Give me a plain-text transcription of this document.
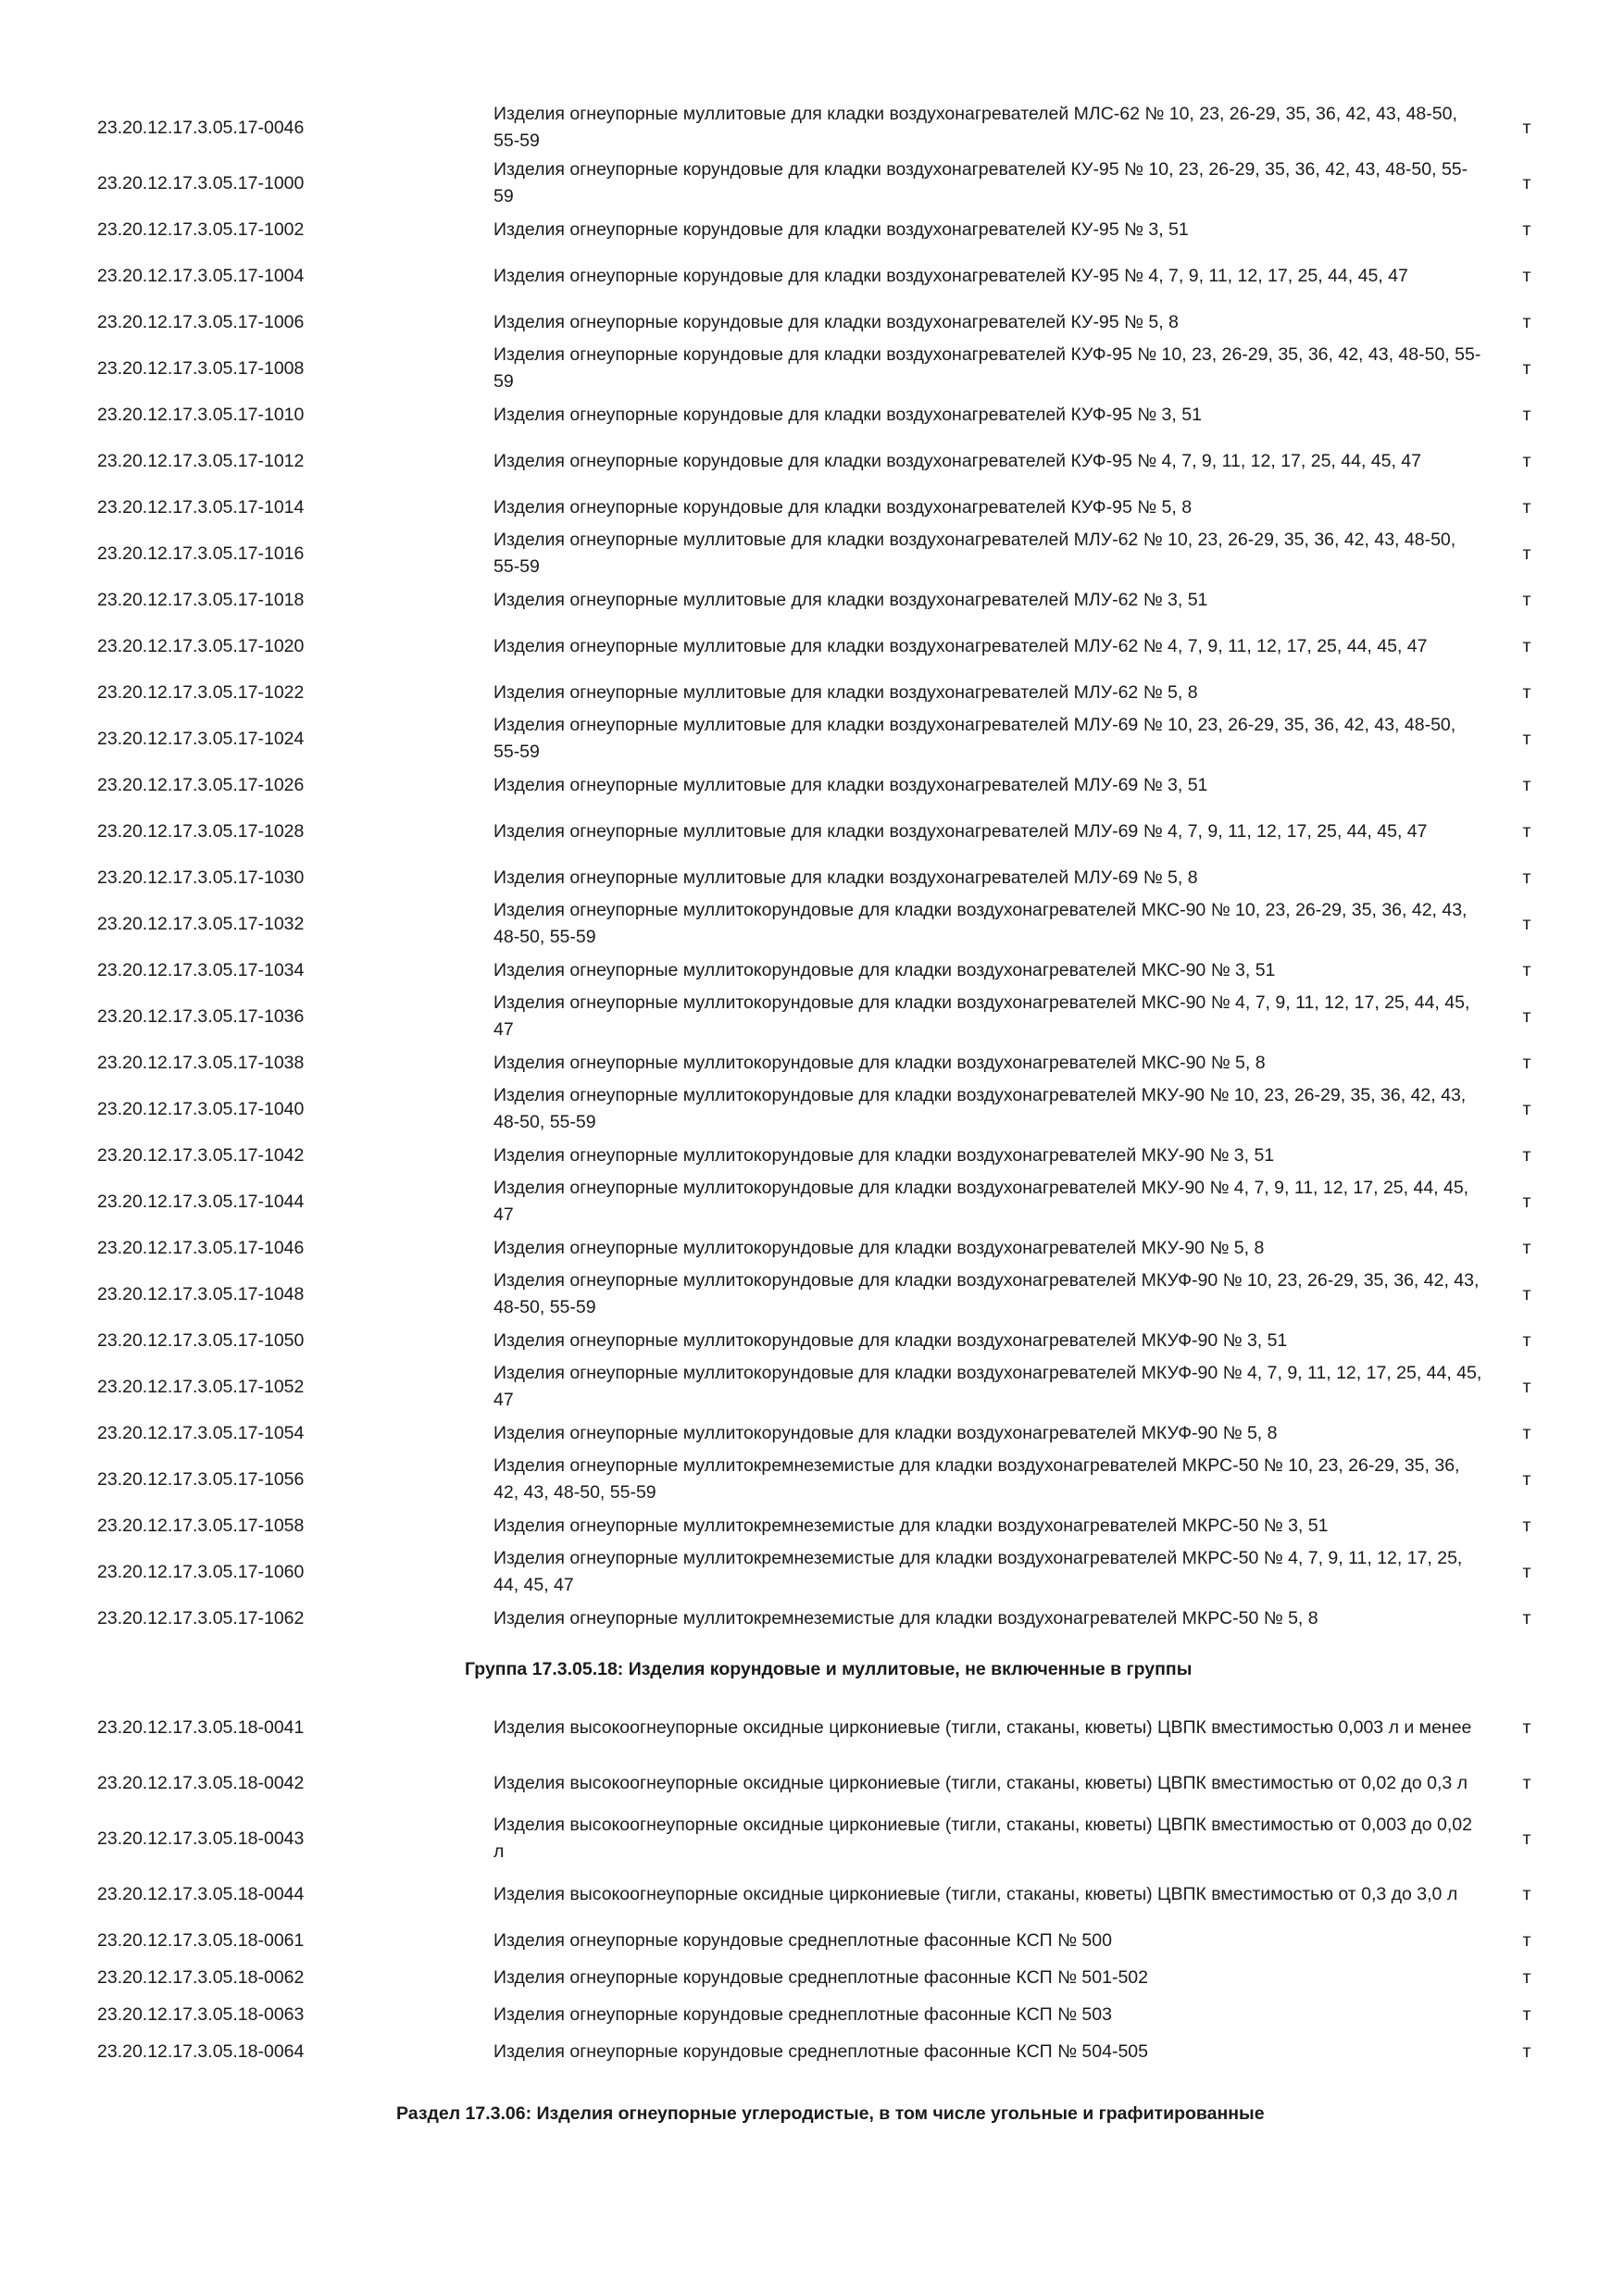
23.20.12.17.3.05.17-0046	Изделия огнеупорные муллитовые для кладки воздухонагревателей МЛС-62 № 10, 23, 26-29, 35, 36, 42, 43, 48-50, 55-59	т
23.20.12.17.3.05.17-1000	Изделия огнеупорные корундовые для кладки воздухонагревателей КУ-95 № 10, 23, 26-29, 35, 36, 42, 43, 48-50, 55-59	т
23.20.12.17.3.05.17-1002	Изделия огнеупорные корундовые для кладки воздухонагревателей КУ-95 № 3, 51	т
23.20.12.17.3.05.17-1004	Изделия огнеупорные корундовые для кладки воздухонагревателей КУ-95 № 4, 7, 9, 11, 12, 17, 25, 44, 45, 47	т
23.20.12.17.3.05.17-1006	Изделия огнеупорные корундовые для кладки воздухонагревателей КУ-95 № 5, 8	т
23.20.12.17.3.05.17-1008	Изделия огнеупорные корундовые для кладки воздухонагревателей КУФ-95 № 10, 23, 26-29, 35, 36, 42, 43, 48-50, 55-59	т
23.20.12.17.3.05.17-1010	Изделия огнеупорные корундовые для кладки воздухонагревателей КУФ-95 № 3, 51	т
23.20.12.17.3.05.17-1012	Изделия огнеупорные корундовые для кладки воздухонагревателей КУФ-95 № 4, 7, 9, 11, 12, 17, 25, 44, 45, 47	т
23.20.12.17.3.05.17-1014	Изделия огнеупорные корундовые для кладки воздухонагревателей КУФ-95 № 5, 8	т
23.20.12.17.3.05.17-1016	Изделия огнеупорные муллитовые для кладки воздухонагревателей МЛУ-62 № 10, 23, 26-29, 35, 36, 42, 43, 48-50, 55-59	т
23.20.12.17.3.05.17-1018	Изделия огнеупорные муллитовые для кладки воздухонагревателей МЛУ-62 № 3, 51	т
23.20.12.17.3.05.17-1020	Изделия огнеупорные муллитовые для кладки воздухонагревателей МЛУ-62 № 4, 7, 9, 11, 12, 17, 25, 44, 45, 47	т
23.20.12.17.3.05.17-1022	Изделия огнеупорные муллитовые для кладки воздухонагревателей МЛУ-62 № 5, 8	т
23.20.12.17.3.05.17-1024	Изделия огнеупорные муллитовые для кладки воздухонагревателей МЛУ-69 № 10, 23, 26-29, 35, 36, 42, 43, 48-50, 55-59	т
23.20.12.17.3.05.17-1026	Изделия огнеупорные муллитовые для кладки воздухонагревателей МЛУ-69 № 3, 51	т
23.20.12.17.3.05.17-1028	Изделия огнеупорные муллитовые для кладки воздухонагревателей МЛУ-69 № 4, 7, 9, 11, 12, 17, 25, 44, 45, 47	т
23.20.12.17.3.05.17-1030	Изделия огнеупорные муллитовые для кладки воздухонагревателей МЛУ-69 № 5, 8	т
23.20.12.17.3.05.17-1032	Изделия огнеупорные муллитокорундовые для кладки воздухонагревателей МКС-90 № 10, 23, 26-29, 35, 36, 42, 43, 48-50, 55-59	т
23.20.12.17.3.05.17-1034	Изделия огнеупорные муллитокорундовые для кладки воздухонагревателей МКС-90 № 3, 51	т
23.20.12.17.3.05.17-1036	Изделия огнеупорные муллитокорундовые для кладки воздухонагревателей МКС-90 № 4, 7, 9, 11, 12, 17, 25, 44, 45, 47	т
23.20.12.17.3.05.17-1038	Изделия огнеупорные муллитокорундовые для кладки воздухонагревателей МКС-90 № 5, 8	т
23.20.12.17.3.05.17-1040	Изделия огнеупорные муллитокорундовые для кладки воздухонагревателей МКУ-90 № 10, 23, 26-29, 35, 36, 42, 43, 48-50, 55-59	т
23.20.12.17.3.05.17-1042	Изделия огнеупорные муллитокорундовые для кладки воздухонагревателей МКУ-90 № 3, 51	т
23.20.12.17.3.05.17-1044	Изделия огнеупорные муллитокорундовые для кладки воздухонагревателей МКУ-90 № 4, 7, 9, 11, 12, 17, 25, 44, 45, 47	т
23.20.12.17.3.05.17-1046	Изделия огнеупорные муллитокорундовые для кладки воздухонагревателей МКУ-90 № 5, 8	т
23.20.12.17.3.05.17-1048	Изделия огнеупорные муллитокорундовые для кладки воздухонагревателей МКУФ-90 № 10, 23, 26-29, 35, 36, 42, 43, 48-50, 55-59	т
23.20.12.17.3.05.17-1050	Изделия огнеупорные муллитокорундовые для кладки воздухонагревателей МКУФ-90 № 3, 51	т
23.20.12.17.3.05.17-1052	Изделия огнеупорные муллитокорундовые для кладки воздухонагревателей МКУФ-90 № 4, 7, 9, 11, 12, 17, 25, 44, 45, 47	т
23.20.12.17.3.05.17-1054	Изделия огнеупорные муллитокорундовые для кладки воздухонагревателей МКУФ-90 № 5, 8	т
23.20.12.17.3.05.17-1056	Изделия огнеупорные муллитокремнеземистые для кладки воздухонагревателей МКРС-50 № 10, 23, 26-29, 35, 36, 42, 43, 48-50, 55-59	т
23.20.12.17.3.05.17-1058	Изделия огнеупорные муллитокремнеземистые для кладки воздухонагревателей МКРС-50 № 3, 51	т
23.20.12.17.3.05.17-1060	Изделия огнеупорные муллитокремнеземистые для кладки воздухонагревателей МКРС-50 № 4, 7, 9, 11, 12, 17, 25, 44, 45, 47	т
23.20.12.17.3.05.17-1062	Изделия огнеупорные муллитокремнеземистые для кладки воздухонагревателей МКРС-50 № 5, 8	т
Группа 17.3.05.18: Изделия корундовые и муллитовые, не включенные в группы
23.20.12.17.3.05.18-0041	Изделия высокоогнеупорные оксидные циркониевые (тигли, стаканы, кюветы) ЦВПК вместимостью 0,003 л и менее	т
23.20.12.17.3.05.18-0042	Изделия высокоогнеупорные оксидные циркониевые (тигли, стаканы, кюветы) ЦВПК вместимостью от 0,02 до 0,3 л	т
23.20.12.17.3.05.18-0043	Изделия высокоогнеупорные оксидные циркониевые (тигли, стаканы, кюветы) ЦВПК вместимостью от 0,003 до 0,02 л	т
23.20.12.17.3.05.18-0044	Изделия высокоогнеупорные оксидные циркониевые (тигли, стаканы, кюветы) ЦВПК вместимостью от 0,3 до 3,0 л	т
23.20.12.17.3.05.18-0061	Изделия огнеупорные корундовые среднеплотные фасонные КСП № 500	т
23.20.12.17.3.05.18-0062	Изделия огнеупорные корундовые среднеплотные фасонные КСП № 501-502	т
23.20.12.17.3.05.18-0063	Изделия огнеупорные корундовые среднеплотные фасонные КСП № 503	т
23.20.12.17.3.05.18-0064	Изделия огнеупорные корундовые среднеплотные фасонные КСП № 504-505	т
Раздел 17.3.06: Изделия огнеупорные углеродистые, в том числе угольные и графитированные
